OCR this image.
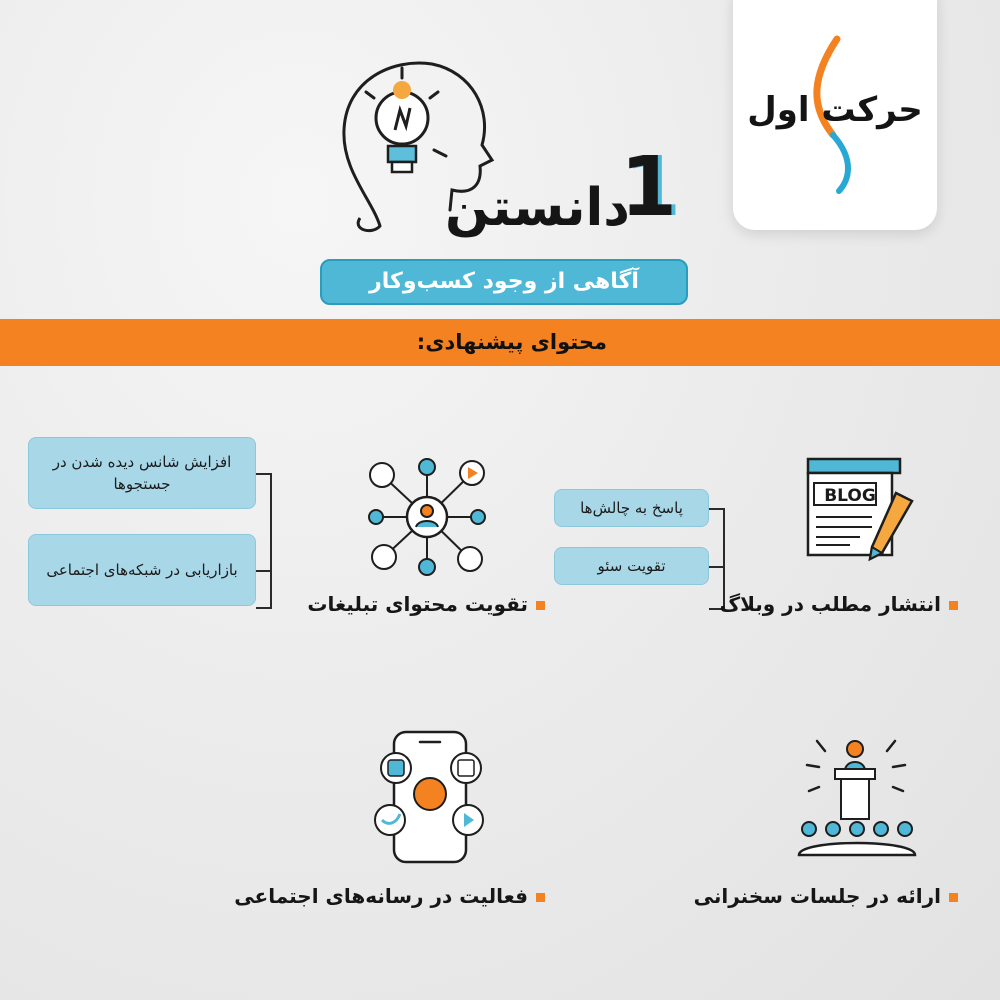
حرکت اول
دانستن
1
آگاهی از وجود کسب‌وکار
محتوای پیشنهادی:
BLOG
پاسخ به چالش‌ها
تقویت سئو
انتشار مطلب در وبلاگ
افزایش شانس دیده شدن در جستجوها
بازاریابی در شبکه‌های اجتماعی
تقویت محتوای تبلیغات
ارائه در جلسات سخنرانی
فعالیت در رسانه‌های اجتماعی
